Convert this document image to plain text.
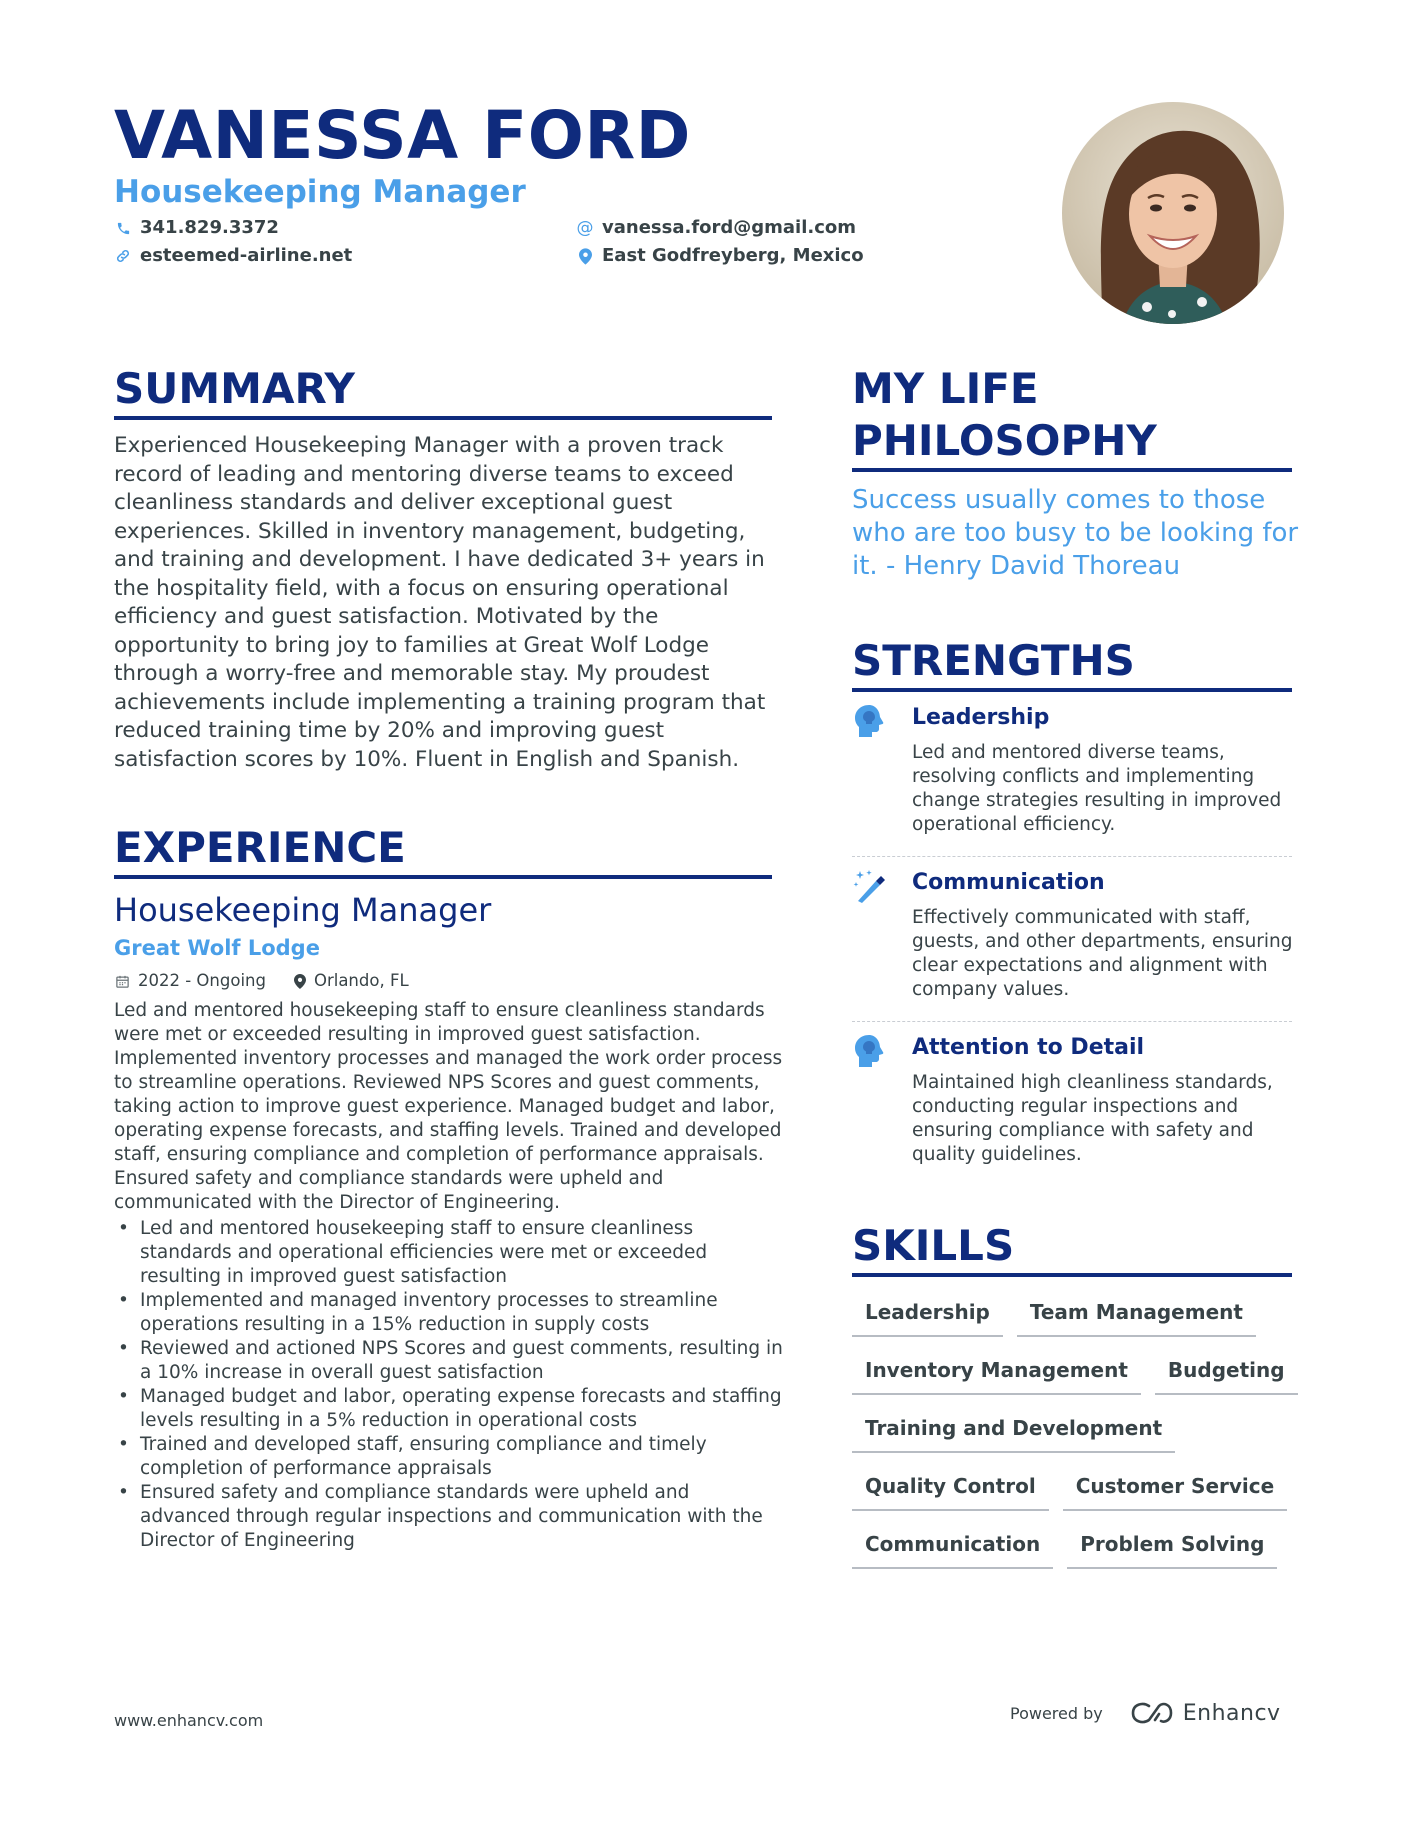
VANESSA FORD
Housekeeping Manager
341.829.3372
esteemed-airline.net
@ vanessa.ford@gmail.com
East Godfreyberg, Mexico
SUMMARY
Experienced Housekeeping Manager with a proven track record of leading and mentoring diverse teams to exceed cleanliness standards and deliver exceptional guest experiences. Skilled in inventory management, budgeting, and training and development. I have dedicated 3+ years in the hospitality field, with a focus on ensuring operational efficiency and guest satisfaction. Motivated by the opportunity to bring joy to families at Great Wolf Lodge through a worry-free and memorable stay. My proudest achievements include implementing a training program that reduced training time by 20% and improving guest satisfaction scores by 10%. Fluent in English and Spanish.
EXPERIENCE
Housekeeping Manager
Great Wolf Lodge
2022 - Ongoing	Orlando, FL
Led and mentored housekeeping staff to ensure cleanliness standards were met or exceeded resulting in improved guest satisfaction. Implemented inventory processes and managed the work order process to streamline operations. Reviewed NPS Scores and guest comments, taking action to improve guest experience. Managed budget and labor, operating expense forecasts, and staffing levels. Trained and developed staff, ensuring compliance and completion of performance appraisals. Ensured safety and compliance standards were upheld and communicated with the Director of Engineering.
• Led and mentored housekeeping staff to ensure cleanliness standards and operational efficiencies were met or exceeded resulting in improved guest satisfaction
• Implemented and managed inventory processes to streamline operations resulting in a 15% reduction in supply costs
• Reviewed and actioned NPS Scores and guest comments, resulting in a 10% increase in overall guest satisfaction
• Managed budget and labor, operating expense forecasts and staffing levels resulting in a 5% reduction in operational costs
• Trained and developed staff, ensuring compliance and timely completion of performance appraisals
• Ensured safety and compliance standards were upheld and advanced through regular inspections and communication with the Director of Engineering
MY LIFE
PHILOSOPHY
Success usually comes to those who are too busy to be looking for it. - Henry David Thoreau
STRENGTHS
Leadership
Led and mentored diverse teams, resolving conflicts and implementing change strategies resulting in improved operational efficiency.
Communication
Effectively communicated with staff, guests, and other departments, ensuring clear expectations and alignment with company values.
Attention to Detail
Maintained high cleanliness standards, conducting regular inspections and ensuring compliance with safety and quality guidelines.
SKILLS
Leadership	Team Management
Inventory Management	Budgeting
Training and Development
Quality Control	Customer Service
Communication	Problem Solving
www.enhancv.com	Powered by	Enhancv
